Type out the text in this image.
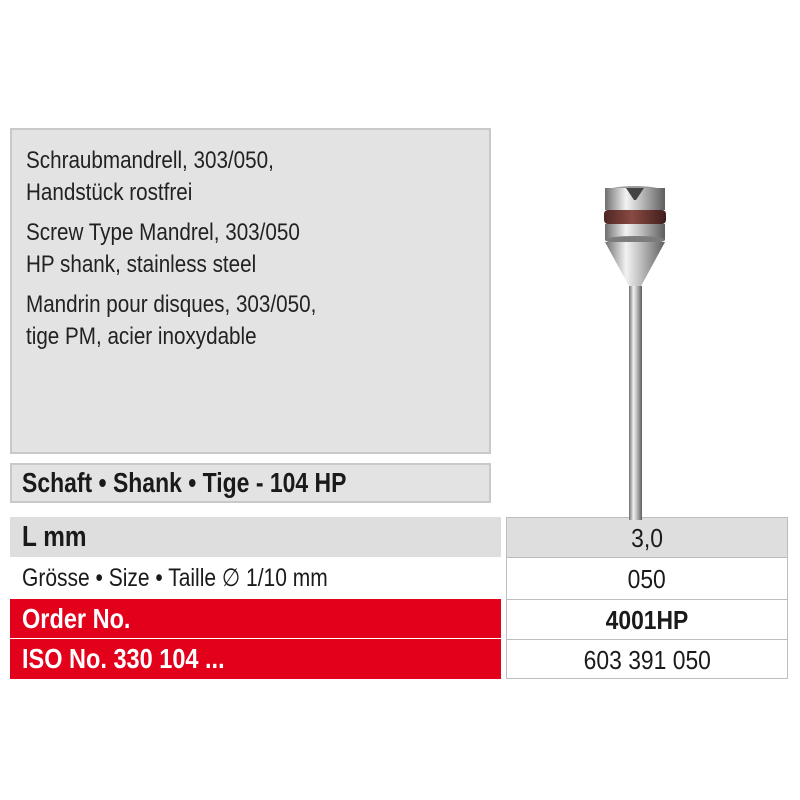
Schraubmandrell, 303/050,
Handstück rostfrei
Screw Type Mandrel, 303/050
HP shank, stainless steel
Mandrin pour disques, 303/050,
tige PM, acier inoxydable
Schaft • Shank • Tige - 104 HP
L mm	3,0
Grösse • Size • Taille ∅ 1/10 mm	050
Order No.	4001HP
ISO No. 330 104 ...	603 391 050
